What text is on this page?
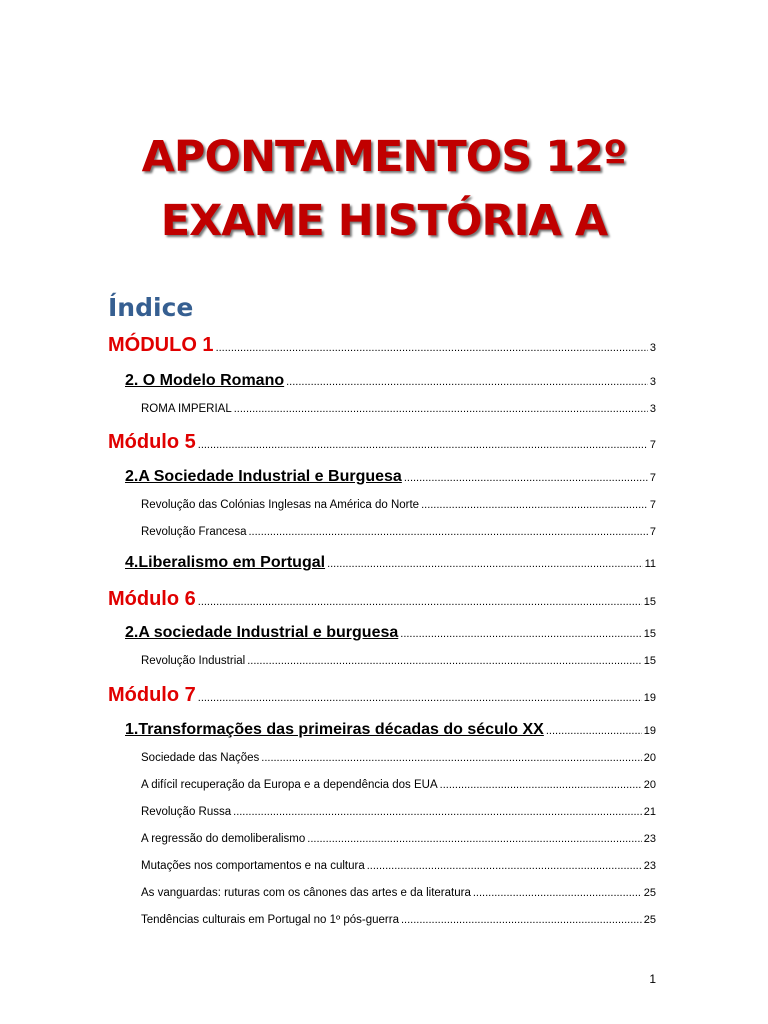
APONTAMENTOS 12º
EXAME HISTÓRIA A
Índice
MÓDULO 1 .....	3
2. O Modelo Romano .....	3
ROMA IMPERIAL .....	3
Módulo 5 .....	7
2.A Sociedade Industrial e Burguesa .....	7
Revolução das Colónias Inglesas na América do Norte .....	7
Revolução Francesa .....	7
4.Liberalismo em Portugal .....	11
Módulo 6 .....	15
2.A sociedade Industrial e burguesa .....	15
Revolução Industrial .....	15
Módulo 7 .....	19
1.Transformações das primeiras décadas do século XX .....	19
Sociedade das Nações .....	20
A difícil recuperação da Europa e a dependência dos EUA .....	20
Revolução Russa .....	21
A regressão do demoliberalismo .....	23
Mutações nos comportamentos e na cultura .....	23
As vanguardas: ruturas com os cânones das artes e da literatura .....	25
Tendências culturais em Portugal no 1º pós-guerra .....	25

1
